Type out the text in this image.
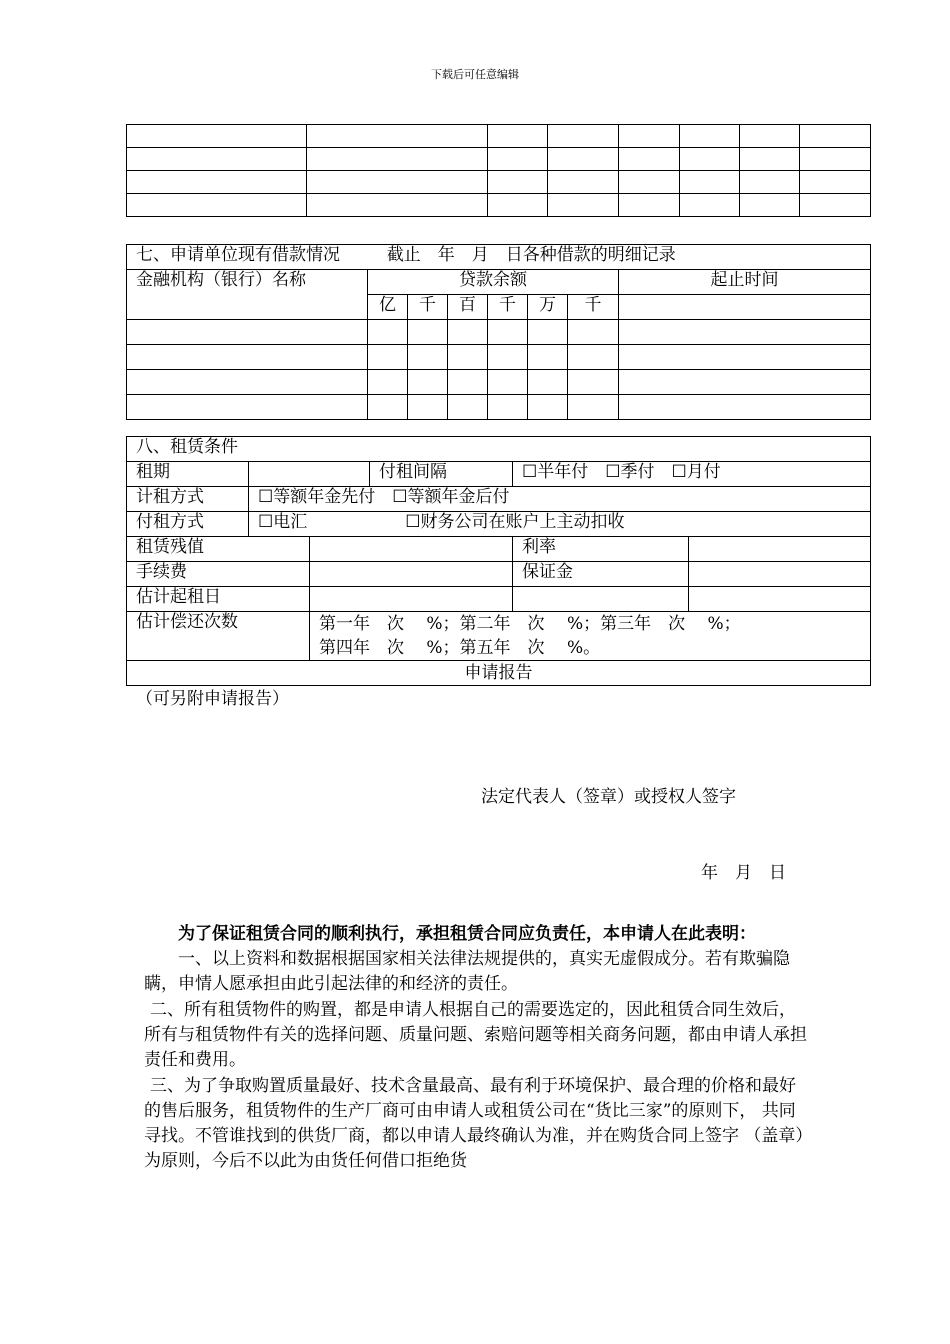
下载后可任意编辑

七、申请单位现有借款情况 截止　年　月　日各种借款的明细记录							
金融机构（银行）名称	贷款余额						起止时间
	亿	千	百	千	万	千	

八、租赁条件					
租期			付租间隔	☐半年付　☐季付　☐月付	
计租方式	☐等额年金先付　☐等额年金后付				
付租方式	☐电汇 ☐财务公司在账户上主动扣收				
租赁残值				利率	
手续费				保证金	
估计起租日					
估计偿还次数		第一年　次　 %；第二年　次　 %；第三年　次　 %；
第四年　次　 %；第五年　次　 %。			

申请报告
（可另附申请报告）
法定代表人（签章）或授权人签字
年　月　日					

为了保证租赁合同的顺利执行，承担租赁合同应负责任，本申请人在此表明：

一、以上资料和数据根据国家相关法律法规提供的，真实无虚假成分。若有欺骗隐瞒，申情人愿承担由此引起法律的和经济的责任。

二、所有租赁物件的购置，都是申请人根据自己的需要选定的，因此租赁合同生效后，所有与租赁物件有关的选择问题、质量问题、索赔问题等相关商务问题，都由申请人承担责任和费用。

三、为了争取购置质量最好、技术含量最高、最有利于环境保护、最合理的价格和最好的售后服务，租赁物件的生产厂商可由申请人或租赁公司在“货比三家”的原则下， 共同寻找。不管谁找到的供货厂商，都以申请人最终确认为准，并在购货合同上签字 （盖章）为原则，今后不以此为由货任何借口拒绝货
